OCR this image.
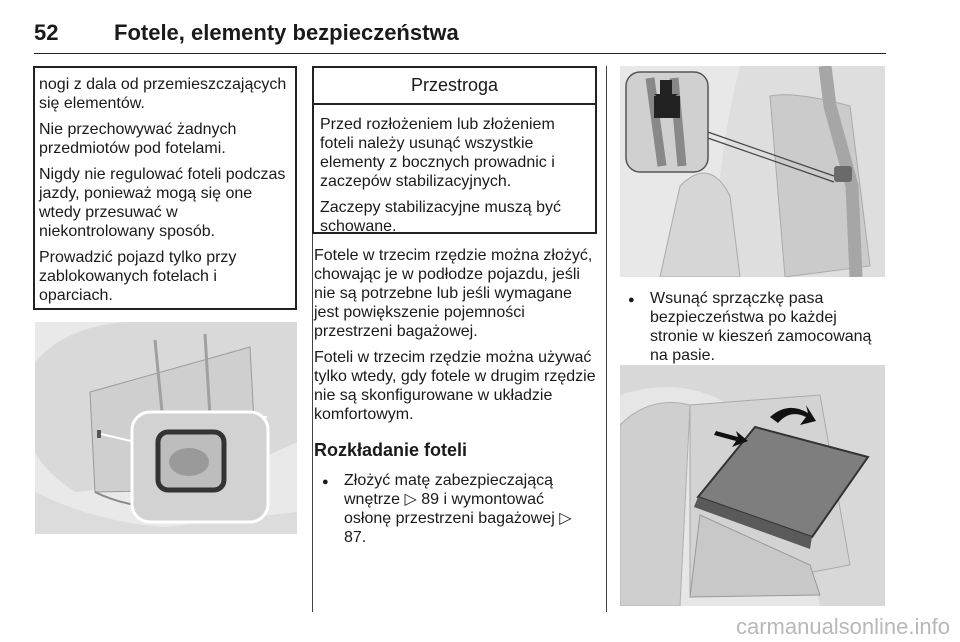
52	Fotele, elementy bezpieczeństwa

nogi z dala od przemieszczających się elementów.

Nie przechowywać żadnych przedmiotów pod fotelami.

Nigdy nie regulować foteli podczas jazdy, ponieważ mogą się one wtedy przesuwać w niekontrolowany sposób.

Prowadzić pojazd tylko przy zablokowanych fotelach i oparciach.

Przestroga

Przed rozłożeniem lub złożeniem foteli należy usunąć wszystkie elementy z bocznych prowadnic i zaczepów stabilizacyjnych.

Zaczepy stabilizacyjne muszą być schowane.

Fotele w trzecim rzędzie można złożyć, chowając je w podłodze pojazdu, jeśli nie są potrzebne lub jeśli wymagane jest powiększenie pojemności przestrzeni bagażowej.

Foteli w trzecim rzędzie można używać tylko wtedy, gdy fotele w drugim rzędzie nie są skonfigurowane w układzie komfortowym.

Rozkładanie foteli
● Złożyć matę zabezpieczającą wnętrze ▷ 89 i wymontować osłonę przestrzeni bagażowej ▷ 87.
● Wsunąć sprzączkę pasa bezpieczeństwa po każdej stronie w kieszeń zamocowaną na pasie.
carmanualsonline.info
